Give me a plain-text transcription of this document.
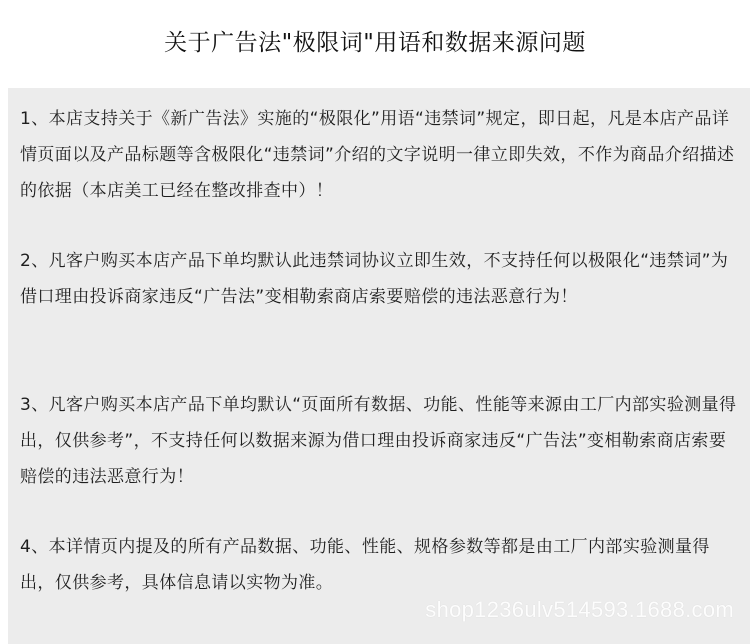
关于广告法"极限词"用语和数据来源问题
1、本店支持关于《新广告法》实施的“极限化”用语“违禁词”规定，即日起，凡是本店产品详情页面以及产品标题等含极限化“违禁词”介绍的文字说明一律立即失效，不作为商品介绍描述的依据（本店美工已经在整改排查中）！
2、凡客户购买本店产品下单均默认此违禁词协议立即生效，不支持任何以极限化“违禁词”为借口理由投诉商家违反“广告法”变相勒索商店索要赔偿的违法恶意行为！
3、凡客户购买本店产品下单均默认“页面所有数据、功能、性能等来源由工厂内部实验测量得出，仅供参考”，不支持任何以数据来源为借口理由投诉商家违反“广告法”变相勒索商店索要赔偿的违法恶意行为！
4、本详情页内提及的所有产品数据、功能、性能、规格参数等都是由工厂内部实验测量得出，仅供参考，具体信息请以实物为准。
shop1236ulv514593.1688.com
